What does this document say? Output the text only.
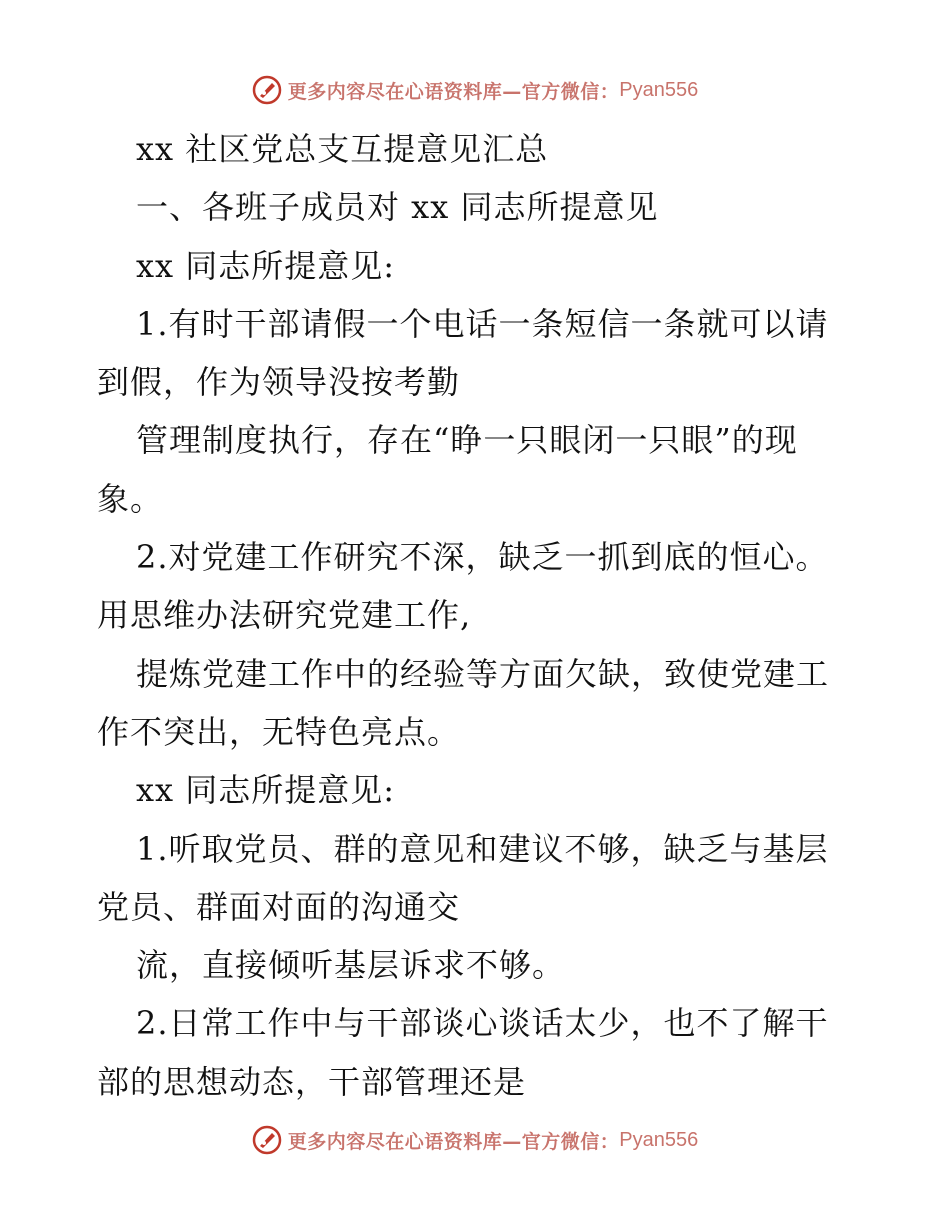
更多内容尽在心语资料库—官方微信： Pyan556
xx 社区党总支互提意见汇总
一、各班子成员对 xx 同志所提意见
xx 同志所提意见:
1.有时干部请假一个电话一条短信一条就可以请
到假，作为领导没按考勤
管理制度执行，存在“睁一只眼闭一只眼”的现
象。
2.对党建工作研究不深，缺乏一抓到底的恒心。
用思维办法研究党建工作,
提炼党建工作中的经验等方面欠缺，致使党建工
作不突出，无特色亮点。
xx 同志所提意见:
1.听取党员、群的意见和建议不够，缺乏与基层
党员、群面对面的沟通交
流，直接倾听基层诉求不够。
2.日常工作中与干部谈心谈话太少，也不了解干
部的思想动态，干部管理还是
更多内容尽在心语资料库—官方微信： Pyan556
